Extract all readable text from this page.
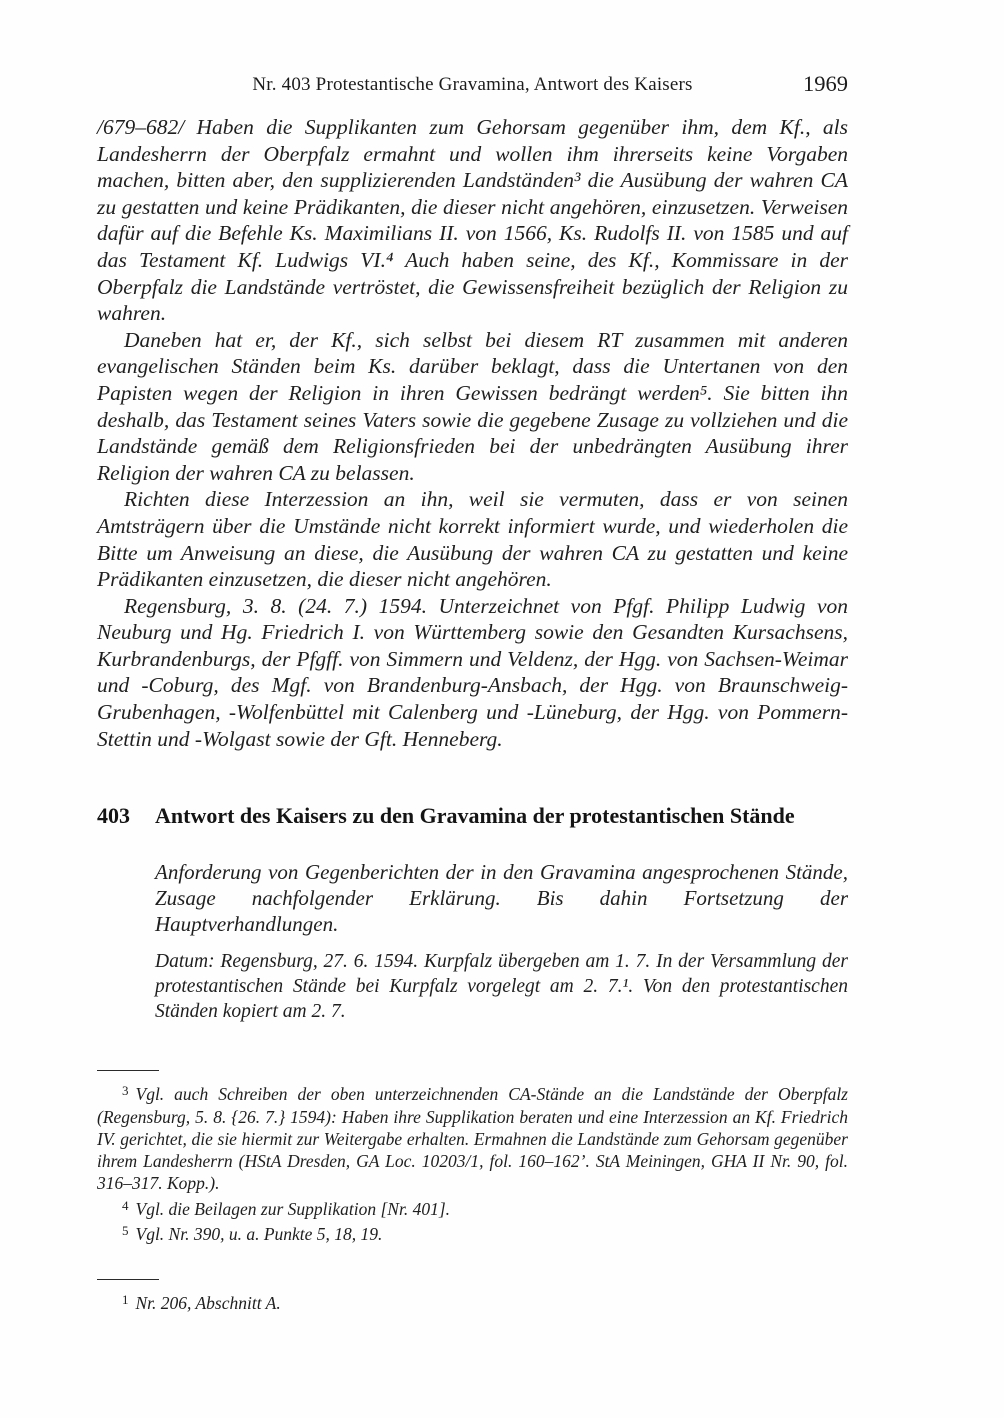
Nr. 403 Protestantische Gravamina, Antwort des Kaisers	1969

/679–682/ Haben die Supplikanten zum Gehorsam gegenüber ihm, dem Kf., als Landesherrn der Oberpfalz ermahnt und wollen ihm ihrerseits keine Vorgaben machen, bitten aber, den supplizierenden Landständen³ die Ausübung der wahren CA zu gestatten und keine Prädikanten, die dieser nicht angehören, einzusetzen. Verweisen dafür auf die Befehle Ks. Maximilians II. von 1566, Ks. Rudolfs II. von 1585 und auf das Testament Kf. Ludwigs VI.⁴ Auch haben seine, des Kf., Kommissare in der Oberpfalz die Landstände vertröstet, die Gewissensfreiheit bezüglich der Religion zu wahren.

Daneben hat er, der Kf., sich selbst bei diesem RT zusammen mit anderen evangelischen Ständen beim Ks. darüber beklagt, dass die Untertanen von den Papisten wegen der Religion in ihren Gewissen bedrängt werden⁵. Sie bitten ihn deshalb, das Testament seines Vaters sowie die gegebene Zusage zu vollziehen und die Landstände gemäß dem Religionsfrieden bei der unbedrängten Ausübung ihrer Religion der wahren CA zu belassen.

Richten diese Interzession an ihn, weil sie vermuten, dass er von seinen Amtsträgern über die Umstände nicht korrekt informiert wurde, und wiederholen die Bitte um Anweisung an diese, die Ausübung der wahren CA zu gestatten und keine Prädikanten einzusetzen, die dieser nicht angehören.

Regensburg, 3. 8. (24. 7.) 1594. Unterzeichnet von Pfgf. Philipp Ludwig von Neuburg und Hg. Friedrich I. von Württemberg sowie den Gesandten Kursachsens, Kurbrandenburgs, der Pfgff. von Simmern und Veldenz, der Hgg. von Sachsen-Weimar und -Coburg, des Mgf. von Brandenburg-Ansbach, der Hgg. von Braunschweig-Grubenhagen, -Wolfenbüttel mit Calenberg und -Lüneburg, der Hgg. von Pommern-Stettin und -Wolgast sowie der Gft. Henneberg.

403	Antwort des Kaisers zu den Gravamina der protestantischen Stände

Anforderung von Gegenberichten der in den Gravamina angesprochenen Stände, Zusage nachfolgender Erklärung. Bis dahin Fortsetzung der Hauptverhandlungen.

Datum: Regensburg, 27. 6. 1594. Kurpfalz übergeben am 1. 7. In der Versammlung der protestantischen Stände bei Kurpfalz vorgelegt am 2. 7.¹. Von den protestantischen Ständen kopiert am 2. 7.

$^3$ Vgl. auch Schreiben der oben unterzeichnenden CA-Stände an die Landstände der Oberpfalz (Regensburg, 5. 8. {26. 7.} 1594): Haben ihre Supplikation beraten und eine Interzession an Kf. Friedrich IV. gerichtet, die sie hiermit zur Weitergabe erhalten. Ermahnen die Landstände zum Gehorsam gegenüber ihrem Landesherrn (HStA Dresden, GA Loc. 10203/1, fol. 160–162’. StA Meiningen, GHA II Nr. 90, fol. 316–317. Kopp.).

$^4$ Vgl. die Beilagen zur Supplikation [Nr. 401].

$^5$ Vgl. Nr. 390, u. a. Punkte 5, 18, 19.

$^1$ Nr. 206, Abschnitt A.
